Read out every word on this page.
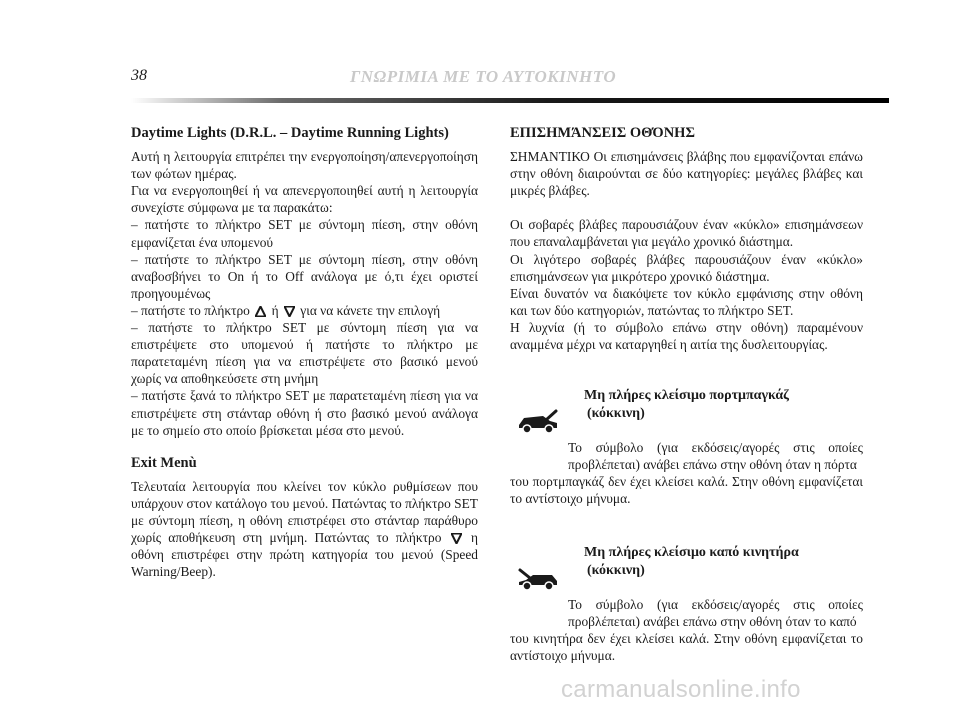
38	ΓΝΩΡΙΜΙΑ ΜΕ ΤΟ ΑΥΤΟΚΙΝΗΤΟ
Daytime Lights (D.R.L. – Daytime Running Lights)

Αυτή η λειτουργία επιτρέπει την ενεργοποίηση/απενεργοποίηση των φώτων ημέρας.

Για να ενεργοποιηθεί ή να απενεργοποιηθεί αυτή η λειτουργία συνεχίστε σύμφωνα με τα παρακάτω:

– πατήστε το πλήκτρο SET με σύντομη πίεση, στην οθόνη εμφανίζεται ένα υπομενού

– πατήστε το πλήκτρο SET με σύντομη πίεση, στην οθόνη αναβοσβήνει το On ή το Off ανάλογα με ό,τι έχει οριστεί προηγουμένως

– πατήστε το πλήκτρο ή για να κάνετε την επιλογή

– πατήστε το πλήκτρο SET με σύντομη πίεση για να επιστρέψετε στο υπομενού ή πατήστε το πλήκτρο με παρατεταμένη πίεση για να επιστρέψετε στο βασικό μενού χωρίς να αποθηκεύσετε στη μνήμη

– πατήστε ξανά το πλήκτρο SET με παρατεταμένη πίεση για να επιστρέψετε στη στάνταρ οθόνη ή στο βασικό μενού ανάλογα με το σημείο στο οποίο βρίσκεται μέσα στο μενού.

Exit Menù

Τελευταία λειτουργία που κλείνει τον κύκλο ρυθμίσεων που υπάρχουν στον κατάλογο του μενού. Πατώντας το πλήκτρο SET με σύντομη πίεση, η οθόνη επιστρέφει στο στάνταρ παράθυρο χωρίς αποθήκευση στη μνήμη. Πατώντας το πλήκτρο η οθόνη επιστρέφει στην πρώτη κατηγορία του μενού (Speed Warning/Beep).

ΕΠΙΣΗΜΆΝΣΕΙΣ ΟΘΌΝΗΣ

ΣΗΜΑΝΤΙΚΟ Οι επισημάνσεις βλάβης που εμφανίζονται επάνω στην οθόνη διαιρούνται σε δύο κατηγορίες: μεγάλες βλάβες και μικρές βλάβες.

Οι σοβαρές βλάβες παρουσιάζουν έναν «κύκλο» επισημάνσεων που επαναλαμβάνεται για μεγάλο χρονικό διάστημα.

Οι λιγότερο σοβαρές βλάβες παρουσιάζουν έναν «κύκλο» επισημάνσεων για μικρότερο χρονικό διάστημα.

Είναι δυνατόν να διακόψετε τον κύκλο εμφάνισης στην οθόνη και των δύο κατηγοριών, πατώντας το πλήκτρο SET.

Η λυχνία (ή το σύμβολο επάνω στην οθόνη) παραμένουν αναμμένα μέχρι να καταργηθεί η αιτία της δυσλειτουργίας.

Μη πλήρες κλείσιμο πορτμπαγκάζ

(κόκκινη)

Το σύμβολο (για εκδόσεις/αγορές στις οποίες προβλέπεται) ανάβει επάνω στην οθόνη όταν η πόρτα

του πορτμπαγκάζ δεν έχει κλείσει καλά. Στην οθόνη εμφανίζεται το αντίστοιχο μήνυμα.

Μη πλήρες κλείσιμο καπό κινητήρα

(κόκκινη)

Το σύμβολο (για εκδόσεις/αγορές στις οποίες προβλέπεται) ανάβει επάνω στην οθόνη όταν το καπό

του κινητήρα δεν έχει κλείσει καλά. Στην οθόνη εμφανίζεται το αντίστοιχο μήνυμα.

carmanualsonline.info
